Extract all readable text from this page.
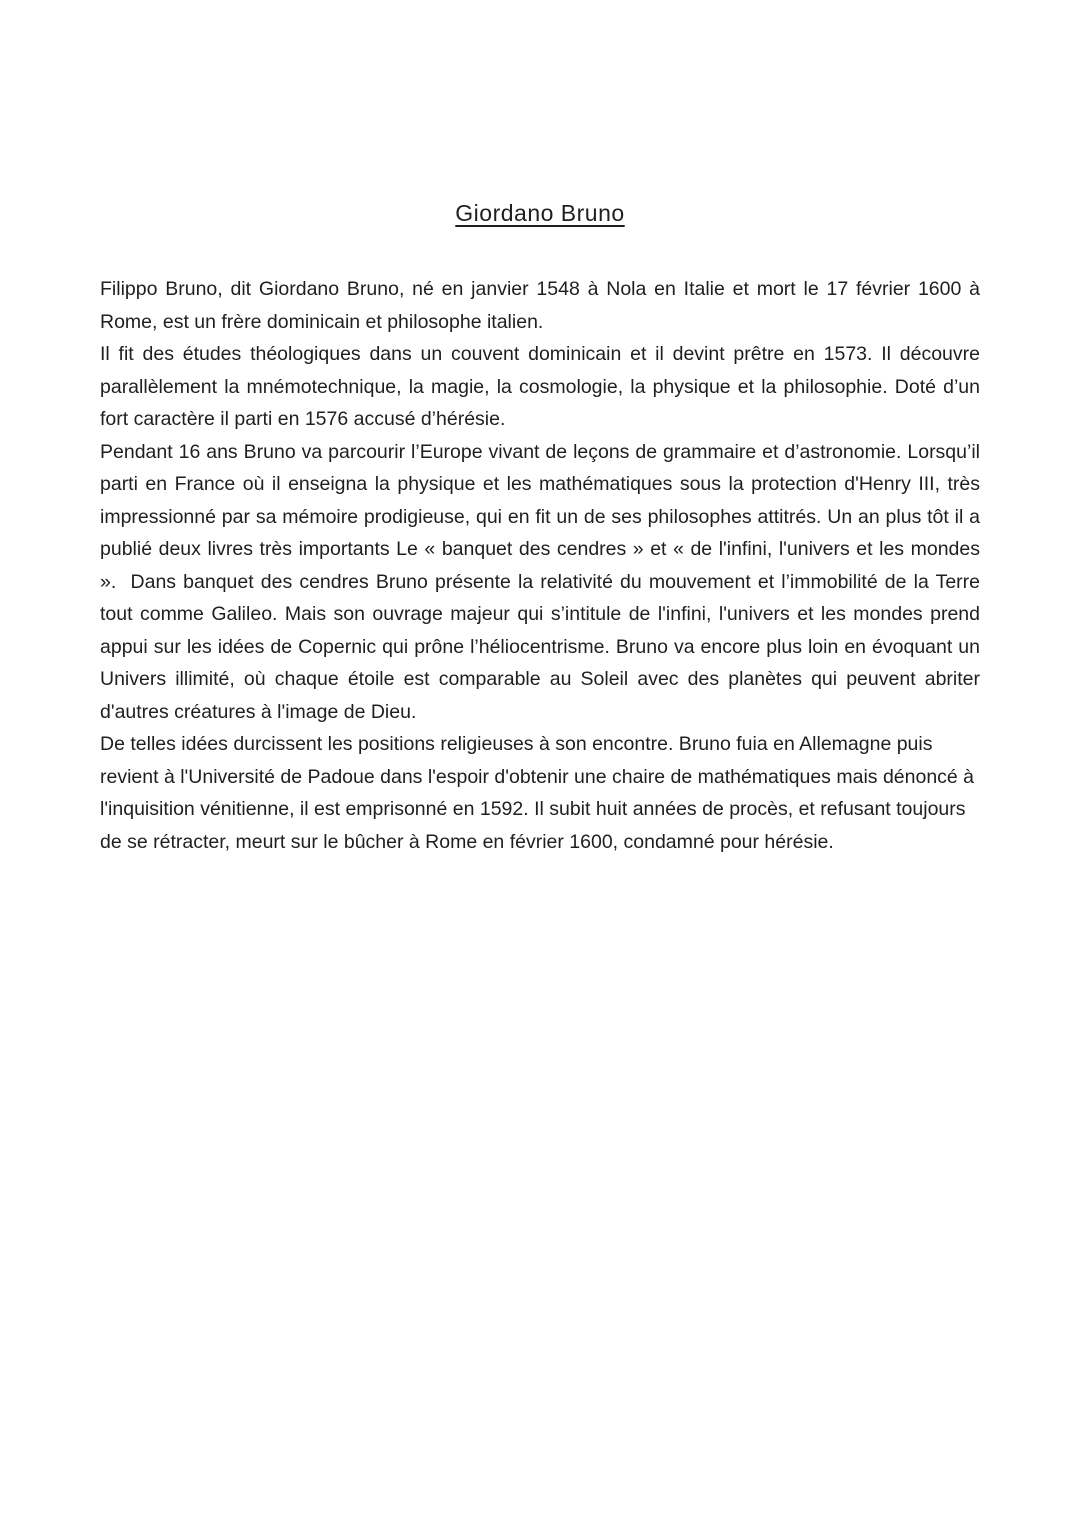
Giordano Bruno

Filippo Bruno, dit Giordano Bruno, né en janvier 1548 à Nola en Italie et mort le 17 février 1600 à Rome, est un frère dominicain et philosophe italien.

Il fit des études théologiques dans un couvent dominicain et il devint prêtre en 1573. Il découvre parallèlement la mnémotechnique, la magie, la cosmologie, la physique et la philosophie. Doté d’un fort caractère il parti en 1576 accusé d’hérésie.

Pendant 16 ans Bruno va parcourir l’Europe vivant de leçons de grammaire et d’astronomie. Lorsqu’il parti en France où il enseigna la physique et les mathématiques sous la protection d'Henry III, très impressionné par sa mémoire prodigieuse, qui en fit un de ses philosophes attitrés. Un an plus tôt il a publié deux livres très importants Le « banquet des cendres » et « de l'infini, l'univers et les mondes ».  Dans banquet des cendres Bruno présente la relativité du mouvement et l’immobilité de la Terre tout comme Galileo. Mais son ouvrage majeur qui s’intitule de l'infini, l'univers et les mondes prend appui sur les idées de Copernic qui prône l’héliocentrisme. Bruno va encore plus loin en évoquant un Univers illimité, où chaque étoile est comparable au Soleil avec des planètes qui peuvent abriter d'autres créatures à l'image de Dieu.

De telles idées durcissent les positions religieuses à son encontre. Bruno fuia en Allemagne puis revient à l'Université de Padoue dans l'espoir d'obtenir une chaire de mathématiques mais dénoncé à l'inquisition vénitienne, il est emprisonné en 1592. Il subit huit années de procès, et refusant toujours de se rétracter, meurt sur le bûcher à Rome en février 1600, condamné pour hérésie.
